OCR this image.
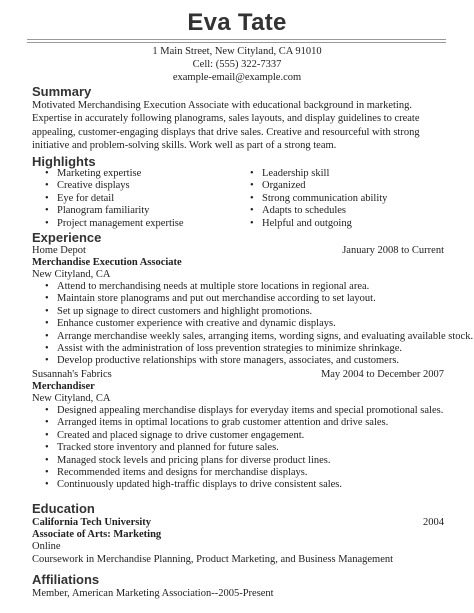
Eva Tate
1 Main Street, New Cityland, CA 91010
Cell: (555) 322-7337
example-email@example.com
Summary
Motivated Merchandising Execution Associate with educational background in marketing. Expertise in accurately following planograms, sales layouts, and display guidelines to create appealing, customer-engaging displays that drive sales. Creative and resourceful with strong initiative and problem-solving skills. Work well as part of a strong team.
Highlights
• Marketing expertise
• Creative displays
• Eye for detail
• Planogram familiarity
• Project management expertise
• Leadership skill
• Organized
• Strong communication ability
• Adapts to schedules
• Helpful and outgoing
Experience
Home Depot	January 2008 to Current
Merchandise Execution Associate
New Cityland, CA
• Attend to merchandising needs at multiple store locations in regional area.
• Maintain store planograms and put out merchandise according to set layout.
• Set up signage to direct customers and highlight promotions.
• Enhance customer experience with creative and dynamic displays.
• Arrange merchandise weekly sales, arranging items, wording signs, and evaluating available stock.
• Assist with the administration of loss prevention strategies to minimize shrinkage.
• Develop productive relationships with store managers, associates, and customers.
Susannah's Fabrics	May 2004 to December 2007
Merchandiser
New Cityland, CA
• Designed appealing merchandise displays for everyday items and special promotional sales.
• Arranged items in optimal locations to grab customer attention and drive sales.
• Created and placed signage to drive customer engagement.
• Tracked store inventory and planned for future sales.
• Managed stock levels and pricing plans for diverse product lines.
• Recommended items and designs for merchandise displays.
• Continuously updated high-traffic displays to drive consistent sales.
Education
California Tech University	2004
Associate of Arts: Marketing
Online
Coursework in Merchandise Planning, Product Marketing, and Business Management
Affiliations
Member, American Marketing Association--2005-Present
